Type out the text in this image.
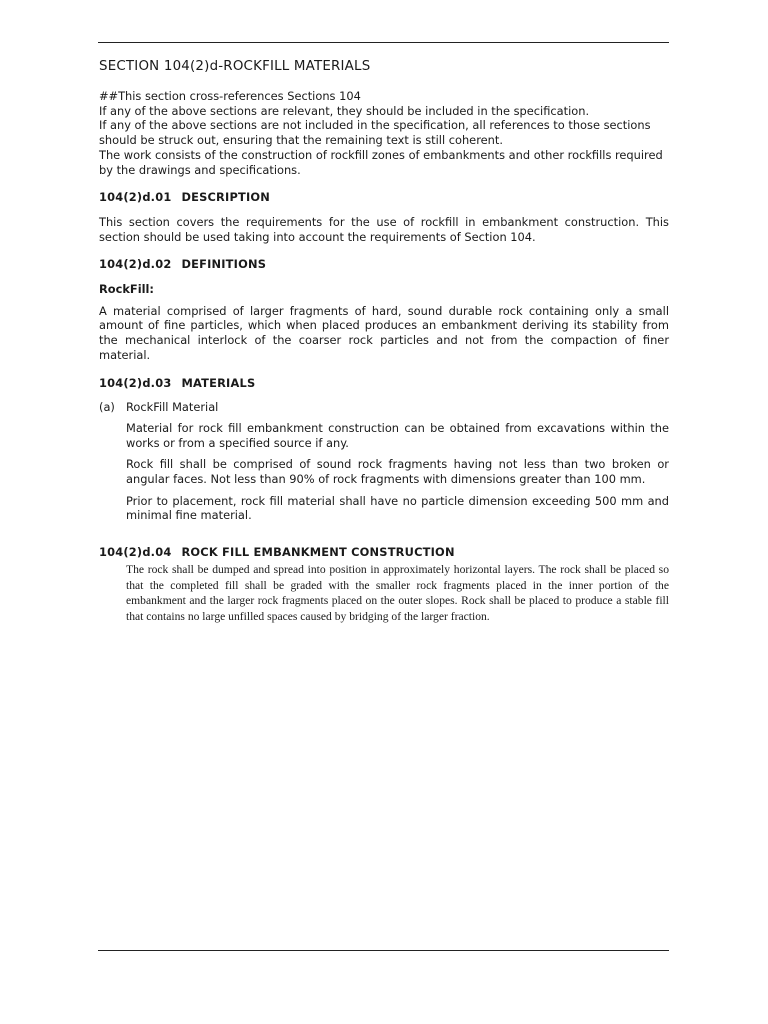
SECTION 104(2)d-ROCKFILL MATERIALS

##This section cross-references Sections 104

If any of the above sections are relevant, they should be included in the specification.

If any of the above sections are not included in the specification, all references to those sections should be struck out, ensuring that the remaining text is still coherent.

The work consists of the construction of rockfill zones of embankments and other rockfills required by the drawings and specifications.

104(2)d.01 DESCRIPTION

This section covers the requirements for the use of rockfill in embankment construction. This section should be used taking into account the requirements of Section 104.

104(2)d.02 DEFINITIONS
RockFill:

A material comprised of larger fragments of hard, sound durable rock containing only a small amount of fine particles, which when placed produces an embankment deriving its stability from the mechanical interlock of the coarser rock particles and not from the compaction of finer material.

104(2)d.03 MATERIALS
(a) RockFill Material

Material for rock fill embankment construction can be obtained from excavations within the works or from a specified source if any.

Rock fill shall be comprised of sound rock fragments having not less than two broken or angular faces. Not less than 90% of rock fragments with dimensions greater than 100 mm.

Prior to placement, rock fill material shall have no particle dimension exceeding 500 mm and minimal fine material.

104(2)d.04 ROCK FILL EMBANKMENT CONSTRUCTION

The rock shall be dumped and spread into position in approximately horizontal layers. The rock shall be placed so that the completed fill shall be graded with the smaller rock fragments placed in the inner portion of the embankment and the larger rock fragments placed on the outer slopes. Rock shall be placed to produce a stable fill that contains no large unfilled spaces caused by bridging of the larger fraction.
